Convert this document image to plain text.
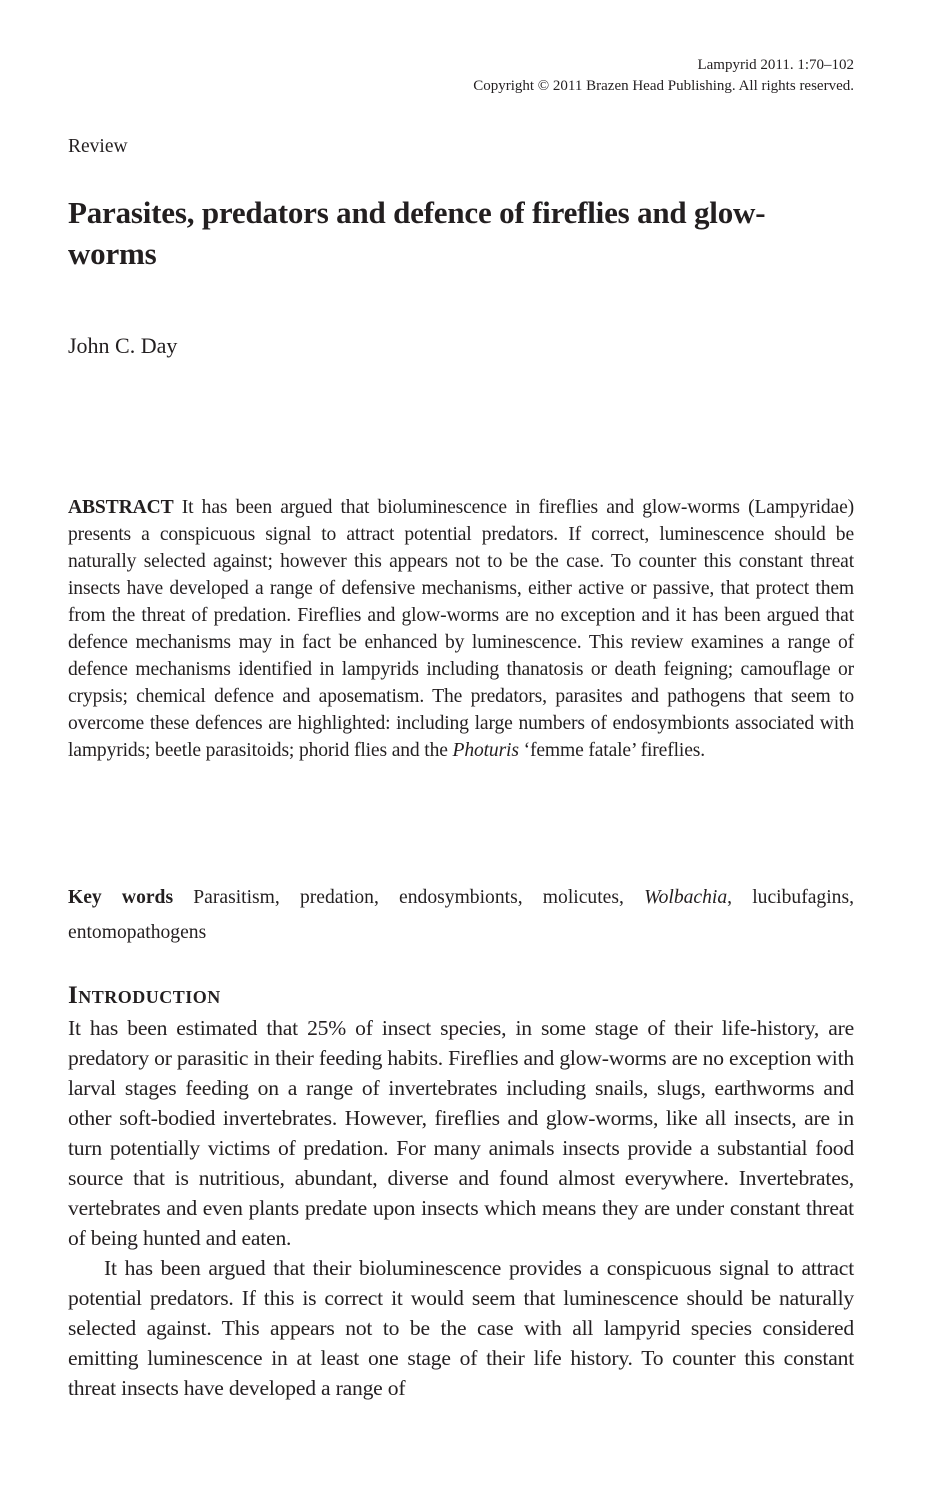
Lampyrid 2011. 1:70–102
Copyright © 2011 Brazen Head Publishing. All rights reserved.
Review
Parasites, predators and defence of fireflies and glow-worms
John C. Day

ABSTRACT It has been argued that bioluminescence in fireflies and glow-worms (Lampyridae) presents a conspicuous signal to attract potential predators. If correct, luminescence should be naturally selected against; however this appears not to be the case. To counter this constant threat insects have developed a range of defensive mechanisms, either active or passive, that protect them from the threat of predation. Fireflies and glow-worms are no exception and it has been argued that defence mechanisms may in fact be enhanced by luminescence. This review examines a range of defence mechanisms identified in lampyrids including thanatosis or death feigning; camouflage or crypsis; chemical defence and aposematism. The predators, parasites and pathogens that seem to overcome these defences are highlighted: including large numbers of endosymbionts associated with lampyrids; beetle parasitoids; phorid flies and the Photuris ‘femme fatale’ fireflies.

Key words Parasitism, predation, endosymbionts, molicutes, Wolbachia, lucibufagins, entomopathogens

Introduction

It has been estimated that 25% of insect species, in some stage of their life-history, are predatory or parasitic in their feeding habits. Fireflies and glow-worms are no exception with larval stages feeding on a range of invertebrates including snails, slugs, earthworms and other soft-bodied invertebrates. However, fireflies and glow-worms, like all insects, are in turn potentially victims of predation. For many animals insects provide a substantial food source that is nutritious, abundant, diverse and found almost everywhere. Invertebrates, vertebrates and even plants predate upon insects which means they are under constant threat of being hunted and eaten.

It has been argued that their bioluminescence provides a conspicuous signal to attract potential predators. If this is correct it would seem that luminescence should be naturally selected against. This appears not to be the case with all lampyrid species considered emitting luminescence in at least one stage of their life history. To counter this constant threat insects have developed a range of
